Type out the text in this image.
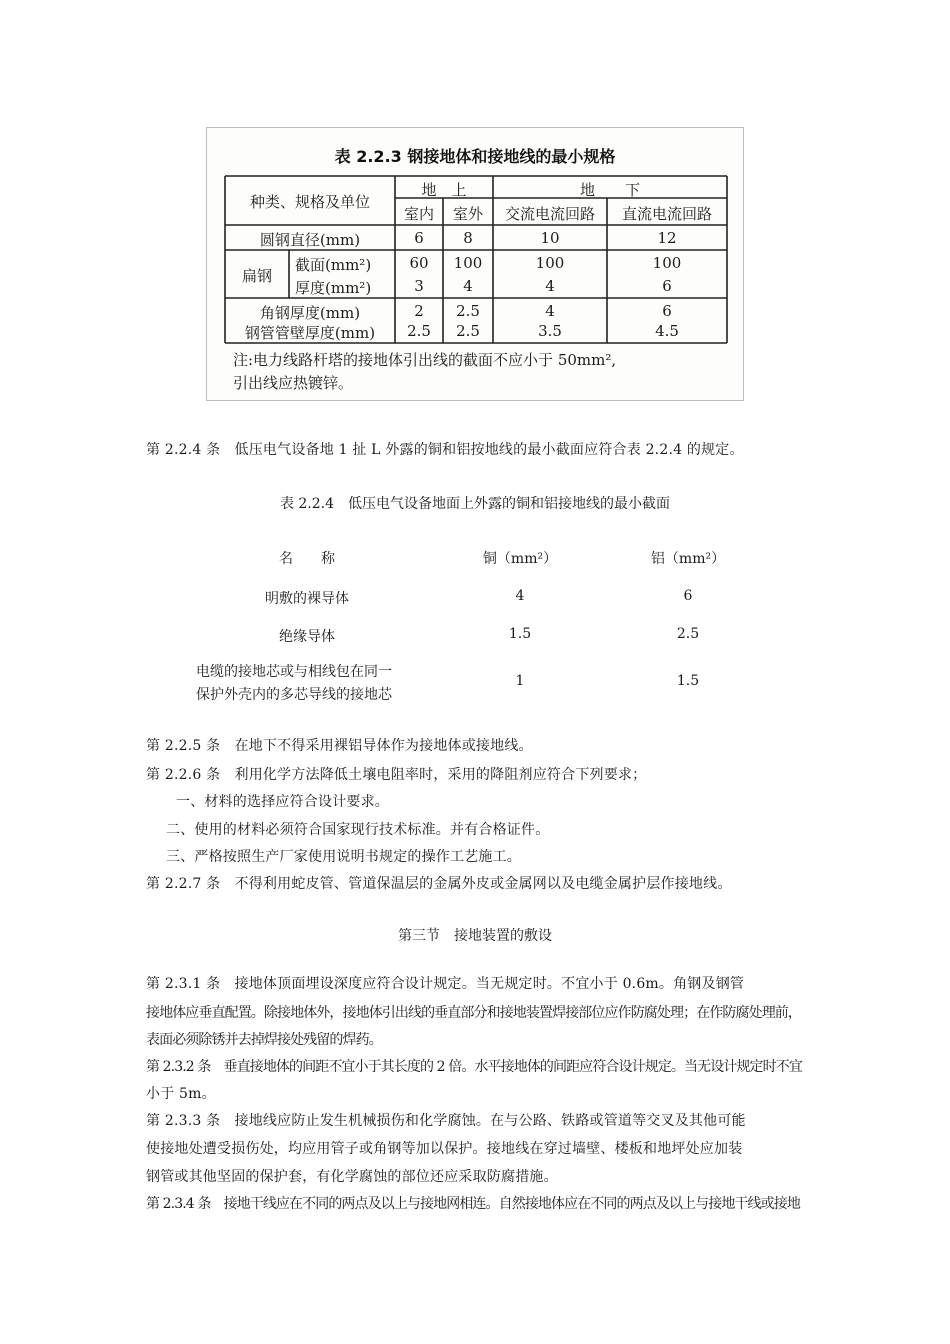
表 2.2.3 钢接地体和接地线的最小规格
种类、规格及单位
地　上	地　　下
室内 室外 交流电流回路 直流电流回路
圆钢直径(mm)	6	8	10	12
扁钢
截面(mm²)	60 100	100	100
厚度(mm²)	3	4	4	6
角钢厚度(mm)	2 2.5	4	6
钢管管壁厚度(mm) 2.5 2.5	3.5	4.5
注:电力线路杆塔的接地体引出线的截面不应小于 50mm²,
引出线应热镀锌。
第 2.2.4 条　低压电气设备地 1 扯 L 外露的铜和铝按地线的最小截面应符合表 2.2.4 的规定。
表 2.2.4　低压电气设备地面上外露的铜和铝接地线的最小截面
名　　称	铜（mm²）	铝（mm²）
明敷的裸导体	4	6
绝缘导体	1.5	2.5
电缆的接地芯或与相线包在同一
保护外壳内的多芯导线的接地芯
1	1.5
第 2.2.5 条　在地下不得采用裸铝导体作为接地体或接地线。
第 2.2.6 条　利用化学方法降低土壤电阻率时，采用的降阻剂应符合下列要求；
一、材料的选择应符合设计要求。
二、使用的材料必须符合国家现行技术标准。并有合格证件。
三、严格按照生产厂家使用说明书规定的操作工艺施工。
第 2.2.7 条　不得利用蛇皮管、管道保温层的金属外皮或金属网以及电缆金属护层作接地线。
第三节　接地装置的敷设
第 2.3.1 条　接地体顶面埋设深度应符合设计规定。当无规定时。不宜小于 0.6m。角钢及钢管
接地体应垂直配置。除接地体外，接地体引出线的垂直部分和接地装置焊接部位应作防腐处理；在作防腐处理前，
表面必须除锈并去掉焊接处残留的焊药。
第 2.3.2 条　垂直接地体的间距不宜小于其长度的 2 倍。水平接地体的间距应符合设计规定。当无设计规定时不宜
小于 5m。
第 2.3.3 条　接地线应防止发生机械损伤和化学腐蚀。在与公路、铁路或管道等交叉及其他可能
使接地处遭受损伤处，均应用管子或角钢等加以保护。接地线在穿过墙壁、楼板和地坪处应加装
钢管或其他坚固的保护套，有化学腐蚀的部位还应采取防腐措施。
第 2.3.4 条　接地干线应在不同的两点及以上与接地网相连。自然接地体应在不同的两点及以上与接地干线或接地
